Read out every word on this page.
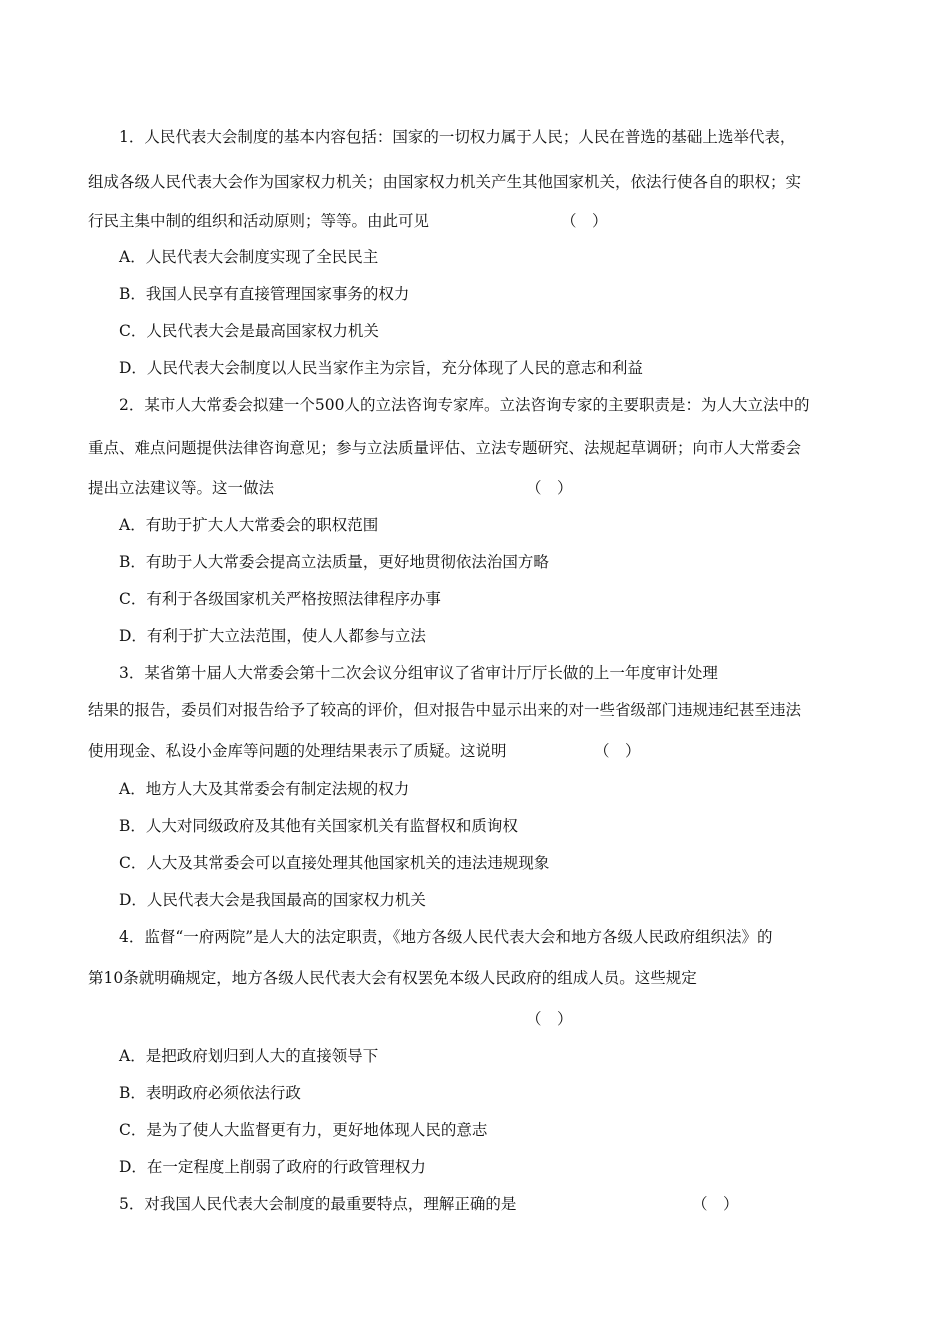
1．人民代表大会制度的基本内容包括：国家的一切权力属于人民；人民在普选的基础上选举代表，
组成各级人民代表大会作为国家权力机关；由国家权力机关产生其他国家机关，依法行使各自的职权；实
行民主集中制的组织和活动原则；等等。由此可见	（　）
A．人民代表大会制度实现了全民民主
B．我国人民享有直接管理国家事务的权力
C．人民代表大会是最高国家权力机关
D．人民代表大会制度以人民当家作主为宗旨，充分体现了人民的意志和利益
2．某市人大常委会拟建一个500人的立法咨询专家库。立法咨询专家的主要职责是：为人大立法中的
重点、难点问题提供法律咨询意见；参与立法质量评估、立法专题研究、法规起草调研；向市人大常委会
提出立法建议等。这一做法	（　）
A．有助于扩大人大常委会的职权范围
B．有助于人大常委会提高立法质量，更好地贯彻依法治国方略
C．有利于各级国家机关严格按照法律程序办事
D．有利于扩大立法范围，使人人都参与立法
3．某省第十届人大常委会第十二次会议分组审议了省审计厅厅长做的上一年度审计处理
结果的报告，委员们对报告给予了较高的评价，但对报告中显示出来的对一些省级部门违规违纪甚至违法
使用现金、私设小金库等问题的处理结果表示了质疑。这说明	（　）
A．地方人大及其常委会有制定法规的权力
B．人大对同级政府及其他有关国家机关有监督权和质询权
C．人大及其常委会可以直接处理其他国家机关的违法违规现象
D．人民代表大会是我国最高的国家权力机关
4．监督“一府两院”是人大的法定职责，《地方各级人民代表大会和地方各级人民政府组织法》的
第10条就明确规定，地方各级人民代表大会有权罢免本级人民政府的组成人员。这些规定
（　）
A．是把政府划归到人大的直接领导下
B．表明政府必须依法行政
C．是为了使人大监督更有力，更好地体现人民的意志
D．在一定程度上削弱了政府的行政管理权力
5．对我国人民代表大会制度的最重要特点，理解正确的是	（　）
